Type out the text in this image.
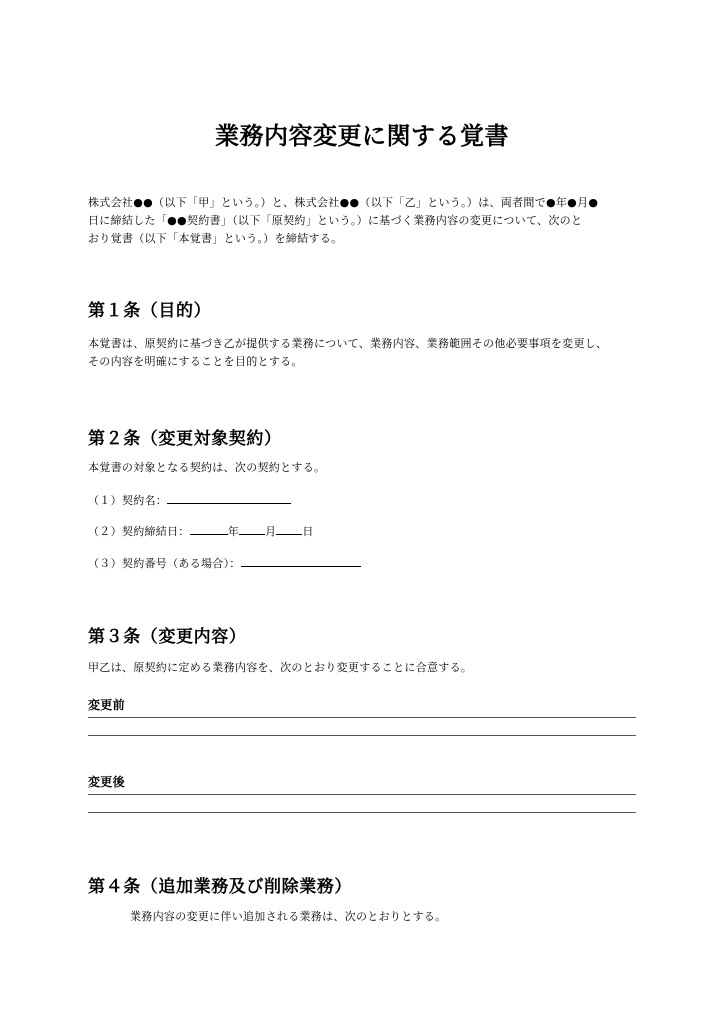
業務内容変更に関する覚書
株式会社●●（以下「甲」という。）と、株式会社●●（以下「乙」という。）は、両者間で●年●月●
日に締結した「●●契約書」（以下「原契約」という。）に基づく業務内容の変更について、次のと
おり覚書（以下「本覚書」という。）を締結する。
第１条（目的）
本覚書は、原契約に基づき乙が提供する業務について、業務内容、業務範囲その他必要事項を変更し、
その内容を明確にすることを目的とする。
第２条（変更対象契約）
本覚書の対象となる契約は、次の契約とする。
（１）契約名：
（２）契約締結日：	年 月 日
（３）契約番号（ある場合）：
第３条（変更内容）
甲乙は、原契約に定める業務内容を、次のとおり変更することに合意する。
変更前
変更後
第４条（追加業務及び削除業務）
業務内容の変更に伴い追加される業務は、次のとおりとする。
